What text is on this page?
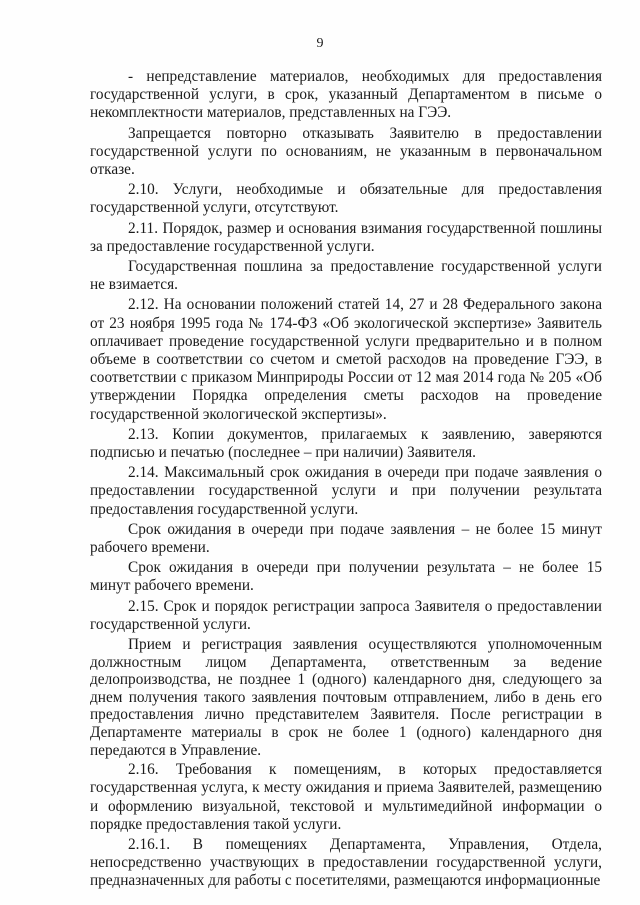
9

- непредставление материалов, необходимых для предоставления государственной услуги, в срок, указанный Департаментом в письме о некомплектности материалов, представленных на ГЭЭ.

Запрещается повторно отказывать Заявителю в предоставлении государственной услуги по основаниям, не указанным в первоначальном отказе.

2.10. Услуги, необходимые и обязательные для предоставления государственной услуги, отсутствуют.

2.11. Порядок, размер и основания взимания государственной пошлины за предоставление государственной услуги.

Государственная пошлина за предоставление государственной услуги не взимается.

2.12. На основании положений статей 14, 27 и 28 Федерального закона от 23 ноября 1995 года № 174-ФЗ «Об экологической экспертизе» Заявитель оплачивает проведение государственной услуги предварительно и в полном объеме в соответствии со счетом и сметой расходов на проведение ГЭЭ, в соответствии с приказом Минприроды России от 12 мая 2014 года № 205 «Об утверждении Порядка определения сметы расходов на проведение государственной экологической экспертизы».

2.13. Копии документов, прилагаемых к заявлению, заверяются подписью и печатью (последнее – при наличии) Заявителя.

2.14. Максимальный срок ожидания в очереди при подаче заявления о предоставлении государственной услуги и при получении результата предоставления государственной услуги.

Срок ожидания в очереди при подаче заявления – не более 15 минут рабочего времени.

Срок ожидания в очереди при получении результата – не более 15 минут рабочего времени.

2.15. Срок и порядок регистрации запроса Заявителя о предоставлении государственной услуги.

Прием и регистрация заявления осуществляются уполномоченным должностным лицом Департамента, ответственным за ведение делопроизводства, не позднее 1 (одного) календарного дня, следующего за днем получения такого заявления почтовым отправлением, либо в день его предоставления лично представителем Заявителя. После регистрации в Департаменте материалы в срок не более 1 (одного) календарного дня передаются в Управление.

2.16. Требования к помещениям, в которых предоставляется государственная услуга, к месту ожидания и приема Заявителей, размещению и оформлению визуальной, текстовой и мультимедийной информации о порядке предоставления такой услуги.

2.16.1. В помещениях Департамента, Управления, Отдела, непосредственно участвующих в предоставлении государственной услуги, предназначенных для работы с посетителями, размещаются информационные
